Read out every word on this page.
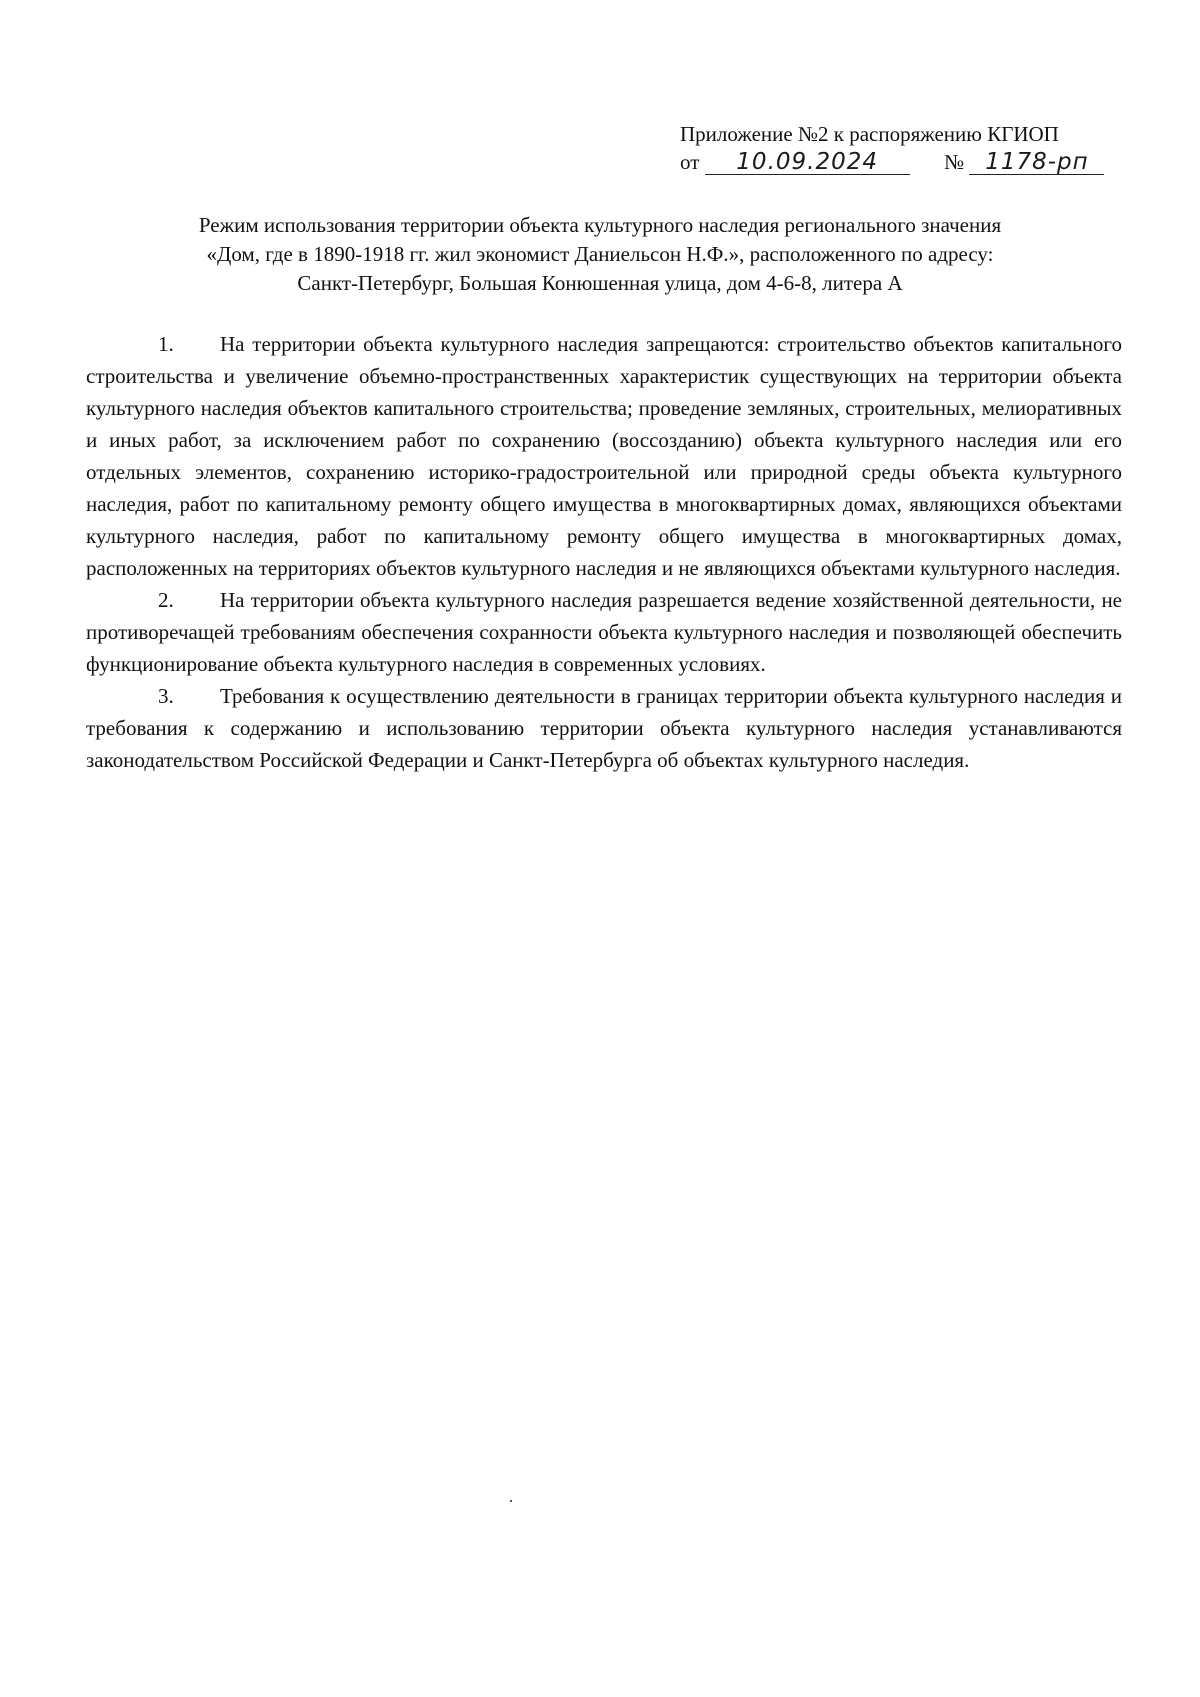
Приложение №2 к распоряжению КГИОП
от 10.09.2024	№ 1178-рп
Режим использования территории объекта культурного наследия регионального значения
«Дом, где в 1890-1918 гг. жил экономист Даниельсон Н.Ф.», расположенного по адресу:
Санкт-Петербург, Большая Конюшенная улица, дом 4-6-8, литера А

1. На территории объекта культурного наследия запрещаются: строительство объектов капитального строительства и увеличение объемно-пространственных характеристик существующих на территории объекта культурного наследия объектов капитального строительства; проведение земляных, строительных, мелиоративных и иных работ, за исключением работ по сохранению (воссозданию) объекта культурного наследия или его отдельных элементов, сохранению историко-градостроительной или природной среды объекта культурного наследия, работ по капитальному ремонту общего имущества в многоквартирных домах, являющихся объектами культурного наследия, работ по капитальному ремонту общего имущества в многоквартирных домах, расположенных на территориях объектов культурного наследия и не являющихся объектами культурного наследия.

2. На территории объекта культурного наследия разрешается ведение хозяйственной деятельности, не противоречащей требованиям обеспечения сохранности объекта культурного наследия и позволяющей обеспечить функционирование объекта культурного наследия в современных условиях.

3. Требования к осуществлению деятельности в границах территории объекта культурного наследия и требования к содержанию и использованию территории объекта культурного наследия устанавливаются законодательством Российской Федерации и Санкт-Петербурга об объектах культурного наследия.
